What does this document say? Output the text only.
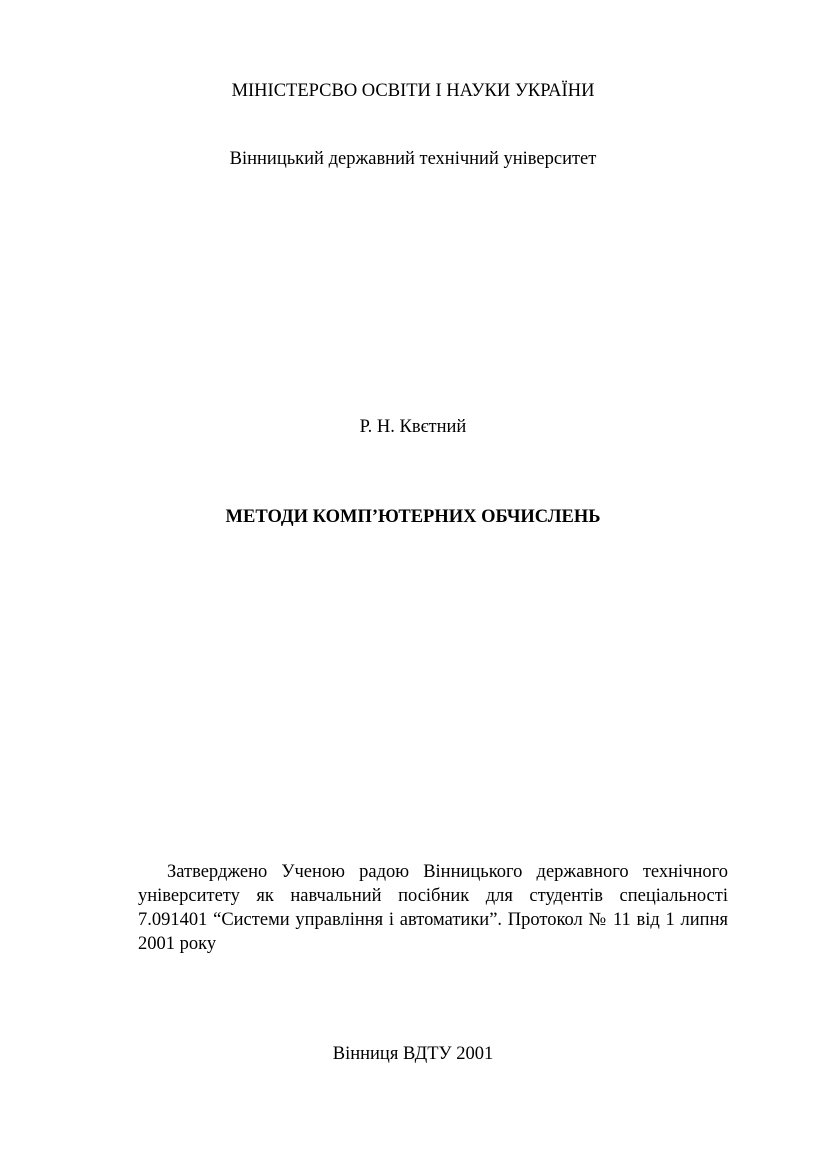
МІНІСТЕРСВО ОСВІТИ І НАУКИ УКРАЇНИ
Вінницький державний технічний університет
Р. Н. Квєтний
МЕТОДИ КОМП’ЮТЕРНИХ ОБЧИСЛЕНЬ
Затверджено Ученою радою Вінницького державного технічного університету як навчальний посібник для студентів спеціальності 7.091401 “Системи управління і автоматики”. Протокол № 11 від 1 липня 2001 року
Вінниця ВДТУ 2001
